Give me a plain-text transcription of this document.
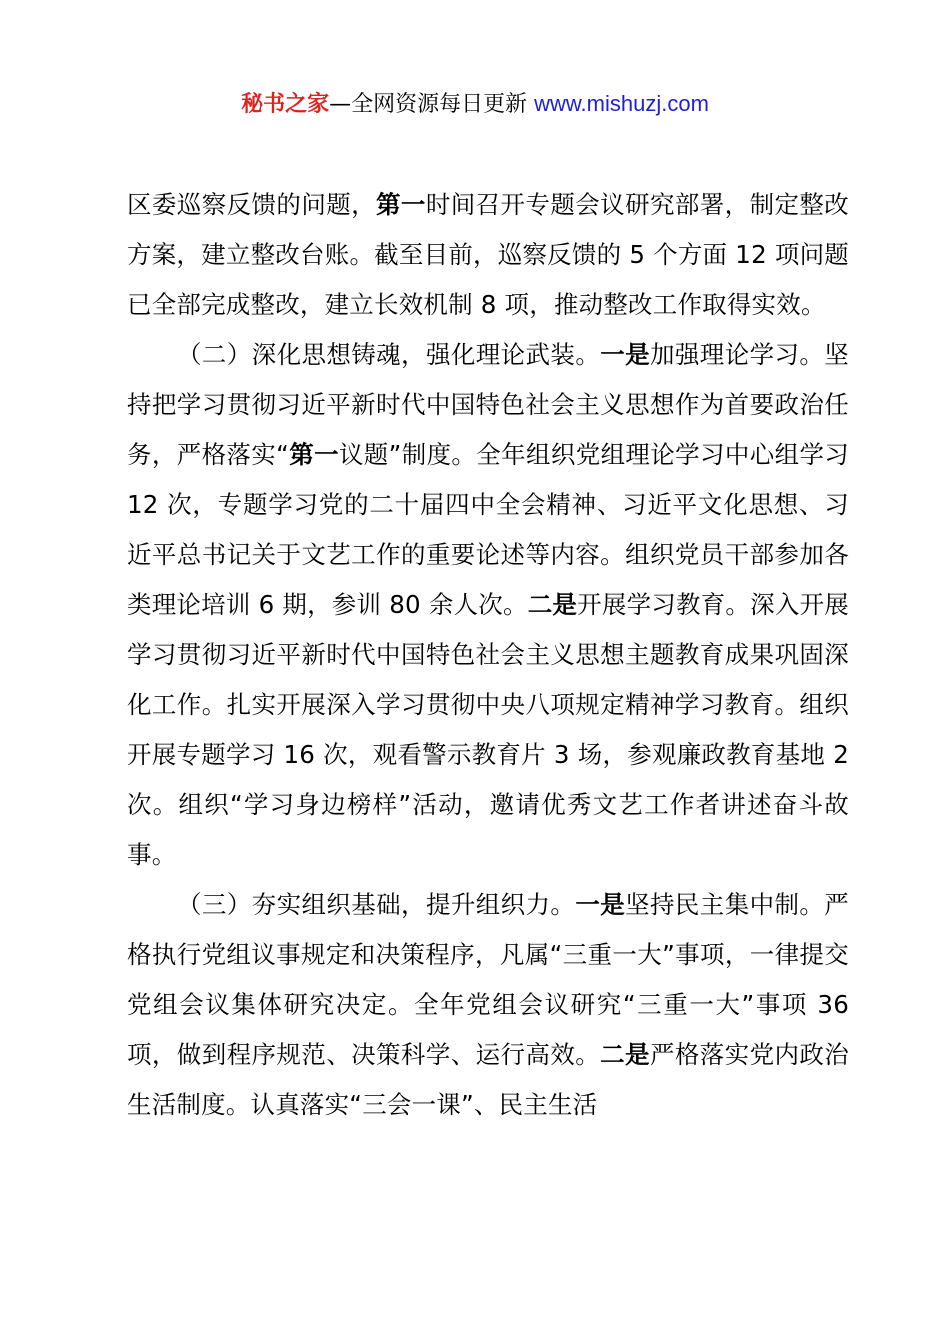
秘书之家—全网资源每日更新 www.mishuzj.com

区委巡察反馈的问题，第一时间召开专题会议研究部署，制定整改方案，建立整改台账。截至目前，巡察反馈的 5 个方面 12 项问题已全部完成整改，建立长效机制 8 项，推动整改工作取得实效。

（二）深化思想铸魂，强化理论武装。一是加强理论学习。坚持把学习贯彻习近平新时代中国特色社会主义思想作为首要政治任务，严格落实“第一议题”制度。全年组织党组理论学习中心组学习 12 次，专题学习党的二十届四中全会精神、习近平文化思想、习近平总书记关于文艺工作的重要论述等内容。组织党员干部参加各类理论培训 6 期，参训 80 余人次。二是开展学习教育。深入开展学习贯彻习近平新时代中国特色社会主义思想主题教育成果巩固深化工作。扎实开展深入学习贯彻中央八项规定精神学习教育。组织开展专题学习 16 次，观看警示教育片 3 场，参观廉政教育基地 2 次。组织“学习身边榜样”活动，邀请优秀文艺工作者讲述奋斗故事。

（三）夯实组织基础，提升组织力。一是坚持民主集中制。严格执行党组议事规定和决策程序，凡属“三重一大”事项，一律提交党组会议集体研究决定。全年党组会议研究“三重一大”事项 36 项，做到程序规范、决策科学、运行高效。二是严格落实党内政治生活制度。认真落实“三会一课”、民主生活
